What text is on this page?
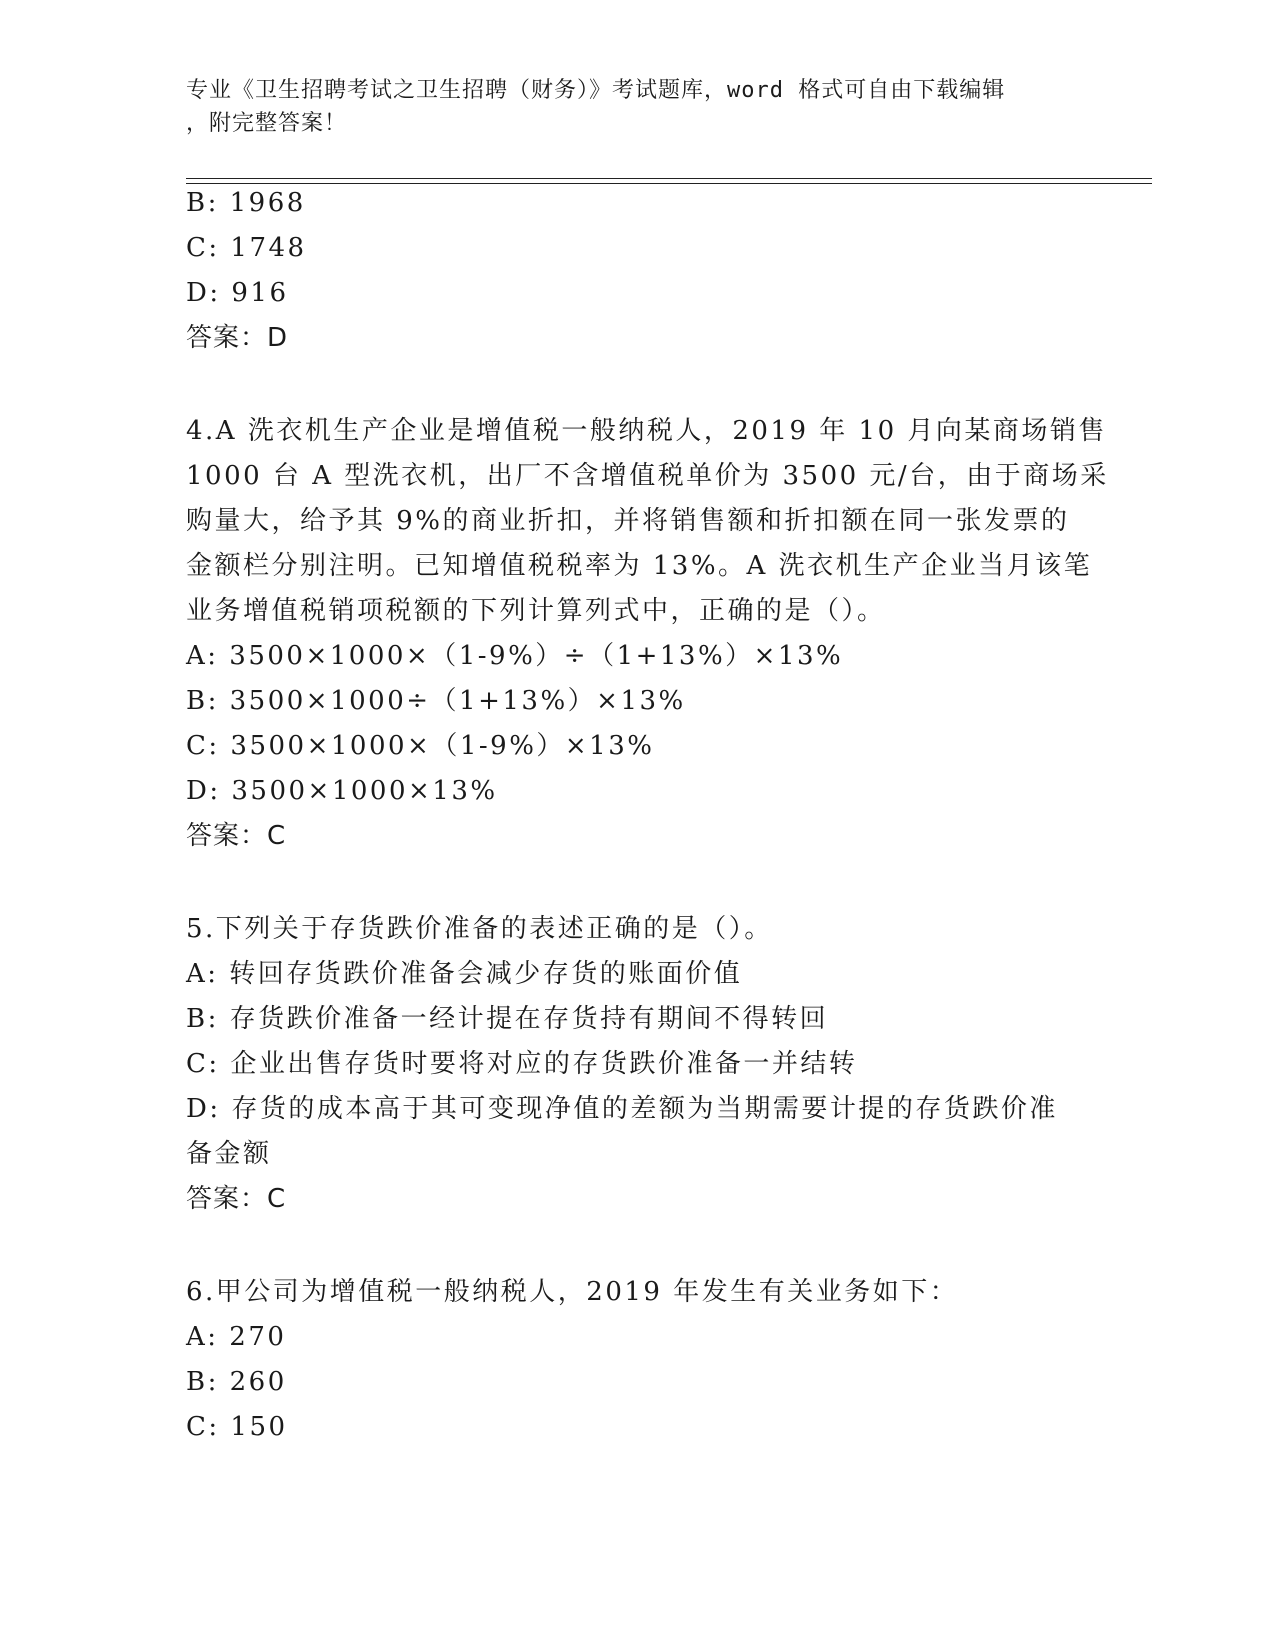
专业《卫生招聘考试之卫生招聘（财务）》考试题库，word 格式可自由下载编辑
，附完整答案！
B: 1968
C: 1748
D: 916
答案：D
4.A 洗衣机生产企业是增值税一般纳税人，2019 年 10 月向某商场销售
1000 台 A 型洗衣机，出厂不含增值税单价为 3500 元/台，由于商场采
购量大，给予其 9%的商业折扣，并将销售额和折扣额在同一张发票的
金额栏分别注明。已知增值税税率为 13%。A 洗衣机生产企业当月该笔
业务增值税销项税额的下列计算列式中，正确的是（）。
A: 3500×1000×（1-9%）÷（1+13%）×13%
B: 3500×1000÷（1+13%）×13%
C: 3500×1000×（1-9%）×13%
D: 3500×1000×13%
答案：C
5.下列关于存货跌价准备的表述正确的是（）。
A: 转回存货跌价准备会减少存货的账面价值
B: 存货跌价准备一经计提在存货持有期间不得转回
C: 企业出售存货时要将对应的存货跌价准备一并结转
D: 存货的成本高于其可变现净值的差额为当期需要计提的存货跌价准
备金额
答案：C
6.甲公司为增值税一般纳税人，2019 年发生有关业务如下：
A: 270
B: 260
C: 150
